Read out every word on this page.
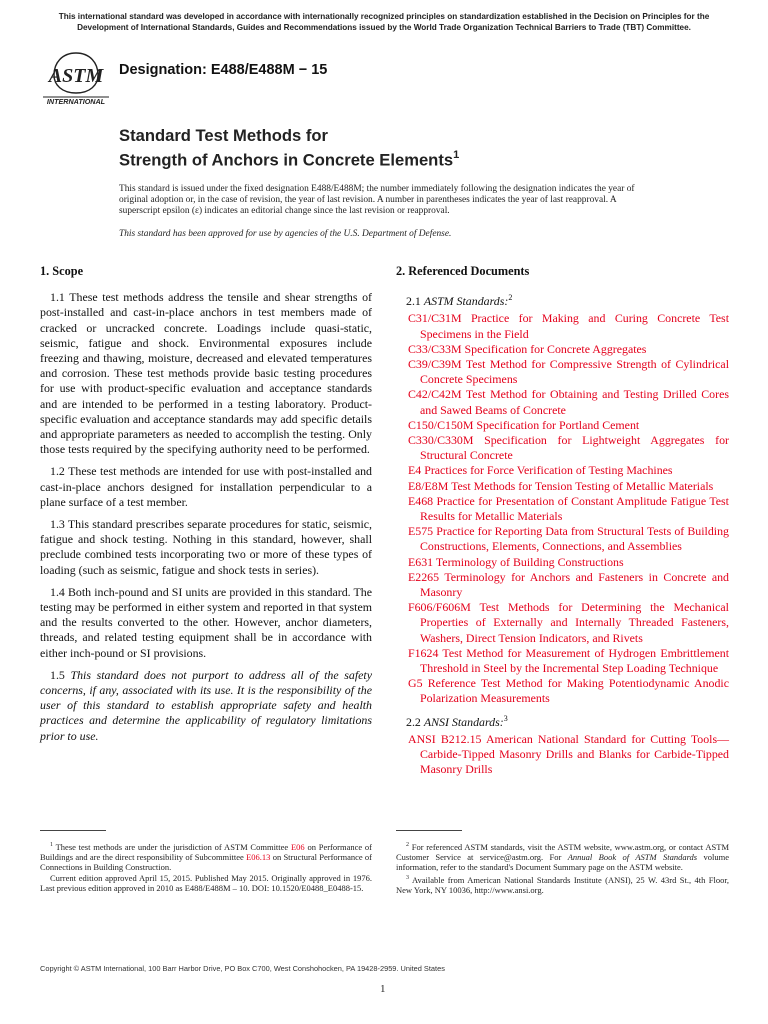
This international standard was developed in accordance with internationally recognized principles on standardization established in the Decision on Principles for the Development of International Standards, Guides and Recommendations issued by the World Trade Organization Technical Barriers to Trade (TBT) Committee.
ASTM
INTERNATIONAL
Designation: E488/E488M − 15
Standard Test Methods for
Strength of Anchors in Concrete Elements$^1$
This standard is issued under the fixed designation E488/E488M; the number immediately following the designation indicates the year of original adoption or, in the case of revision, the year of last revision. A number in parentheses indicates the year of last reapproval. A superscript epsilon (ε) indicates an editorial change since the last revision or reapproval.
This standard has been approved for use by agencies of the U.S. Department of Defense.
1. Scope

1.1 These test methods address the tensile and shear strengths of post-installed and cast-in-place anchors in test members made of cracked or uncracked concrete. Loadings include quasi-static, seismic, fatigue and shock. Environmental exposures include freezing and thawing, moisture, decreased and elevated temperatures and corrosion. These test methods provide basic testing procedures for use with product-specific evaluation and acceptance standards and are intended to be performed in a testing laboratory. Product-specific evaluation and acceptance standards may add specific details and appropriate parameters as needed to accomplish the testing. Only those tests required by the specifying authority need to be performed.

1.2 These test methods are intended for use with post-installed and cast-in-place anchors designed for installation perpendicular to a plane surface of a test member.

1.3 This standard prescribes separate procedures for static, seismic, fatigue and shock testing. Nothing in this standard, however, shall preclude combined tests incorporating two or more of these types of loading (such as seismic, fatigue and shock tests in series).

1.4 Both inch-pound and SI units are provided in this standard. The testing may be performed in either system and reported in that system and the results converted to the other. However, anchor diameters, threads, and related testing equipment shall be in accordance with either inch-pound or SI provisions.

1.5 This standard does not purport to address all of the safety concerns, if any, associated with its use. It is the responsibility of the user of this standard to establish appropriate safety and health practices and determine the applicability of regulatory limitations prior to use.

2. Referenced Documents
2.1 ASTM Standards:$^2$
C31/C31M Practice for Making and Curing Concrete Test Specimens in the Field
C33/C33M Specification for Concrete Aggregates
C39/C39M Test Method for Compressive Strength of Cylindrical Concrete Specimens
C42/C42M Test Method for Obtaining and Testing Drilled Cores and Sawed Beams of Concrete
C150/C150M Specification for Portland Cement
C330/C330M Specification for Lightweight Aggregates for Structural Concrete
E4 Practices for Force Verification of Testing Machines
E8/E8M Test Methods for Tension Testing of Metallic Materials
E468 Practice for Presentation of Constant Amplitude Fatigue Test Results for Metallic Materials
E575 Practice for Reporting Data from Structural Tests of Building Constructions, Elements, Connections, and Assemblies
E631 Terminology of Building Constructions
E2265 Terminology for Anchors and Fasteners in Concrete and Masonry
F606/F606M Test Methods for Determining the Mechanical Properties of Externally and Internally Threaded Fasteners, Washers, Direct Tension Indicators, and Rivets
F1624 Test Method for Measurement of Hydrogen Embrittlement Threshold in Steel by the Incremental Step Loading Technique
G5 Reference Test Method for Making Potentiodynamic Anodic Polarization Measurements
2.2 ANSI Standards:$^3$
ANSI B212.15 American National Standard for Cutting Tools—Carbide-Tipped Masonry Drills and Blanks for Carbide-Tipped Masonry Drills

$^1$ These test methods are under the jurisdiction of ASTM Committee E06 on Performance of Buildings and are the direct responsibility of Subcommittee E06.13 on Structural Performance of Connections in Building Construction.

Current edition approved April 15, 2015. Published May 2015. Originally approved in 1976. Last previous edition approved in 2010 as E488/E488M – 10. DOI: 10.1520/E0488_E0488-15.

$^2$ For referenced ASTM standards, visit the ASTM website, www.astm.org, or contact ASTM Customer Service at service@astm.org. For Annual Book of ASTM Standards volume information, refer to the standard's Document Summary page on the ASTM website.

$^3$ Available from American National Standards Institute (ANSI), 25 W. 43rd St., 4th Floor, New York, NY 10036, http://www.ansi.org.

Copyright © ASTM International, 100 Barr Harbor Drive, PO Box C700, West Conshohocken, PA 19428-2959. United States
1
